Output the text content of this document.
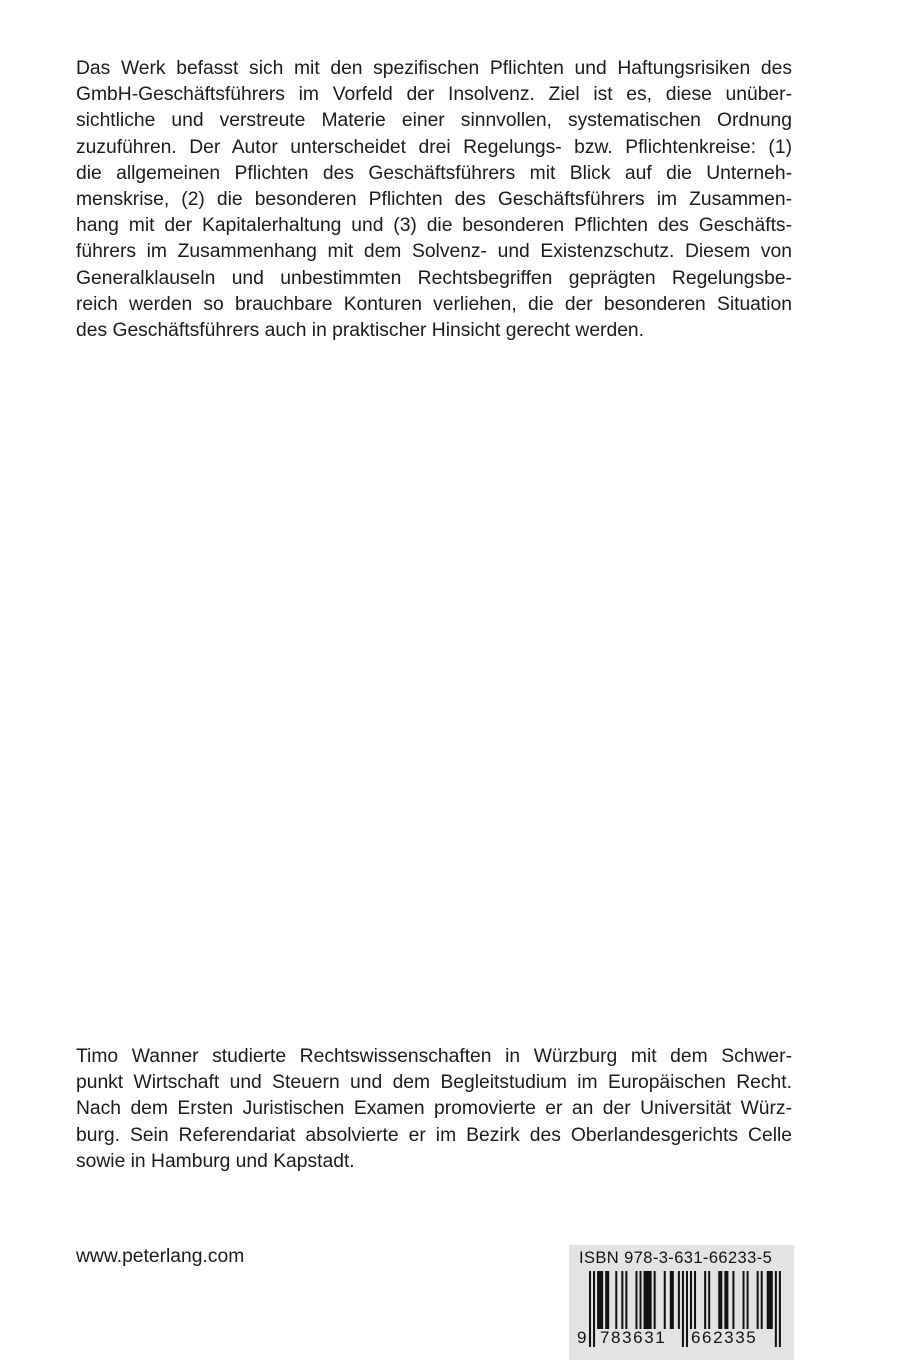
Das Werk befasst sich mit den spezifischen Pflichten und Haftungsrisiken des
GmbH-Geschäftsführers im Vorfeld der Insolvenz. Ziel ist es, diese unüber-
sichtliche und verstreute Materie einer sinnvollen, systematischen Ordnung
zuzuführen. Der Autor unterscheidet drei Regelungs- bzw. Pflichtenkreise: (1)
die allgemeinen Pflichten des Geschäftsführers mit Blick auf die Unterneh-
menskrise, (2) die besonderen Pflichten des Geschäftsführers im Zusammen-
hang mit der Kapitalerhaltung und (3) die besonderen Pflichten des Geschäfts-
führers im Zusammenhang mit dem Solvenz- und Existenzschutz. Diesem von
Generalklauseln und unbestimmten Rechtsbegriffen geprägten Regelungsbe-
reich werden so brauchbare Konturen verliehen, die der besonderen Situation
des Geschäftsführers auch in praktischer Hinsicht gerecht werden.
Timo Wanner studierte Rechtswissenschaften in Würzburg mit dem Schwer-
punkt Wirtschaft und Steuern und dem Begleitstudium im Europäischen Recht.
Nach dem Ersten Juristischen Examen promovierte er an der Universität Würz-
burg. Sein Referendariat absolvierte er im Bezirk des Oberlandesgerichts Celle
sowie in Hamburg und Kapstadt.
www.peterlang.com	ISBN 978-3-631-66233-5
9 783631 662335
